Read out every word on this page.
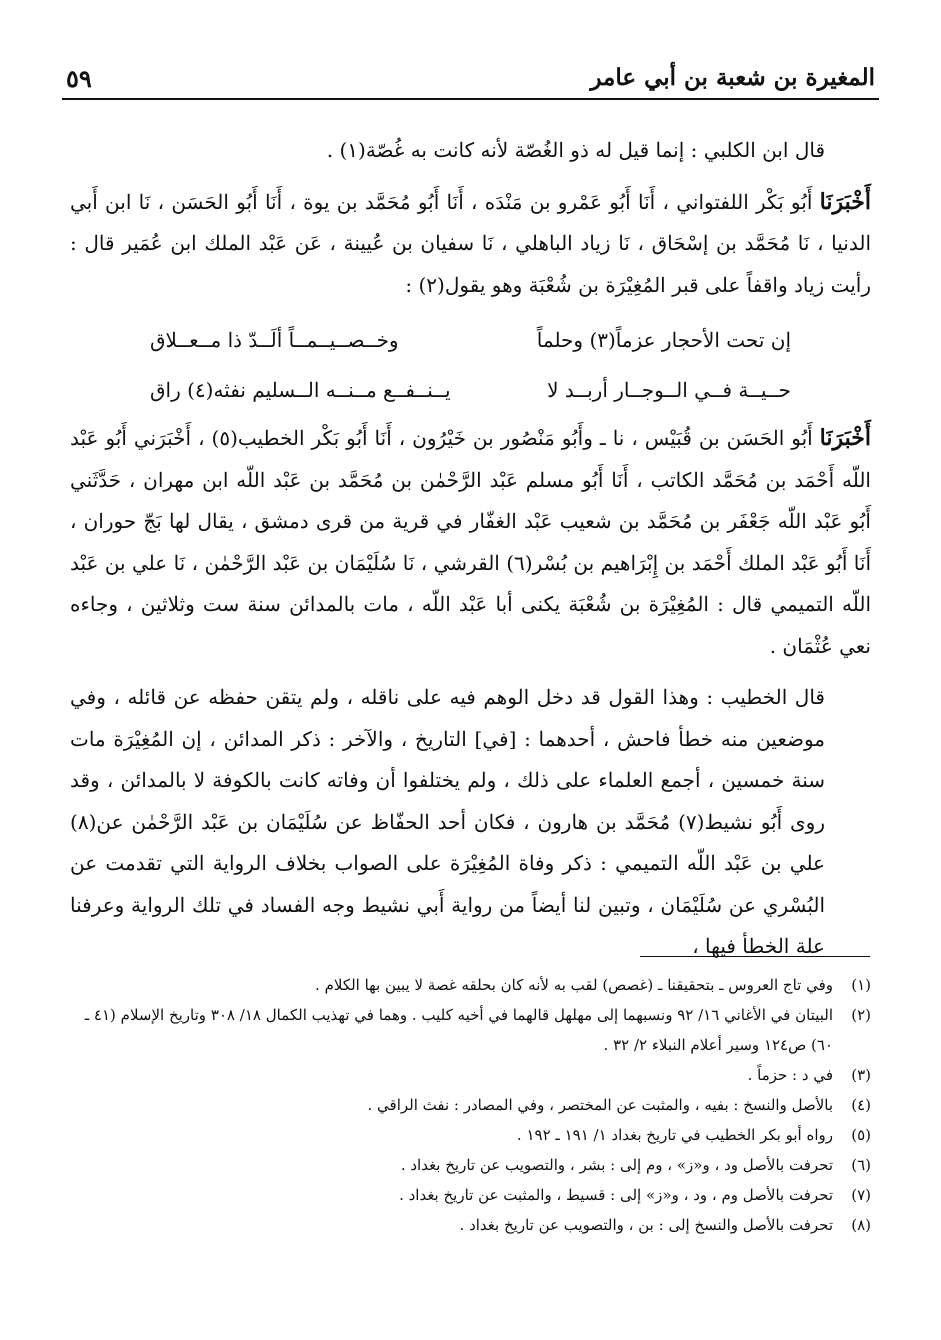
٥٩	المغيرة بن شعبة بن أبي عامر

قال ابن الكلبي : إنما قيل له ذو الغُصّة لأنه كانت به غُصّة(١) .

أَخْبَرَنَا أَبُو بَكْر اللفتواني ، أَنَا أَبُو عَمْرو بن مَنْدَه ، أَنَا أَبُو مُحَمَّد بن يوة ، أَنَا أَبُو الحَسَن ، نَا ابن أَبي الدنيا ، نَا مُحَمَّد بن إسْحَاق ، نَا زياد الباهلي ، نَا سفيان بن عُيينة ، عَن عَبْد الملك ابن عُمَير قال : رأيت زياد واقفاً على قبر المُغِيْرَة بن شُعْبَة وهو يقول(٢) :

إن تحت الأحجار عزماً(٣) وحلماً
وخــصــيــمــاً ألَــدّ ذا مــعــلاق
حــيــة فــي الــوجــار أربــد لا
يــنــفــع مــنــه الــسليم نفثه(٤) راق

أَخْبَرَنَا أَبُو الحَسَن بن قُبَيْس ، نا ـ وأَبُو مَنْصُور بن خَيْرُون ، أَنَا أَبُو بَكْر الخطيب(٥) ، أَخْبَرَني أَبُو عَبْد اللّه أَحْمَد بن مُحَمَّد الكاتب ، أَنَا أَبُو مسلم عَبْد الرَّحْمٰن بن مُحَمَّد بن عَبْد اللّه ابن مهران ، حَدَّثَني أَبُو عَبْد اللّه جَعْفَر بن مُحَمَّد بن شعيب عَبْد الغفّار في قرية من قرى دمشق ، يقال لها بَجّ حوران ، أَنَا أَبُو عَبْد الملك أَحْمَد بن إِبْرَاهيم بن بُسْر(٦) القرشي ، نَا سُلَيْمَان بن عَبْد الرَّحْمٰن ، نَا علي بن عَبْد اللّه التميمي قال : المُغِيْرَة بن شُعْبَة يكنى أبا عَبْد اللّه ، مات بالمدائن سنة ست وثلاثين ، وجاءه نعي عُثْمَان .

قال الخطيب : وهذا القول قد دخل الوهم فيه على ناقله ، ولم يتقن حفظه عن قائله ، وفي موضعين منه خطأ فاحش ، أحدهما : [في] التاريخ ، والآخر : ذكر المدائن ، إن المُغِيْرَة مات سنة خمسين ، أجمع العلماء على ذلك ، ولم يختلفوا أن وفاته كانت بالكوفة لا بالمدائن ، وقد روى أَبُو نشيط(٧) مُحَمَّد بن هارون ، فكان أحد الحفّاظ عن سُلَيْمَان بن عَبْد الرَّحْمٰن عن(٨) علي بن عَبْد اللّه التميمي : ذكر وفاة المُغِيْرَة على الصواب بخلاف الرواية التي تقدمت عن البُسْري عن سُلَيْمَان ، وتبين لنا أيضاً من رواية أَبي نشيط وجه الفساد في تلك الرواية وعرفنا علة الخطأ فيها ،

(١)
وفي تاج العروس ـ بتحقيقنا ـ (غصص) لقب به لأنه كان بحلقه غصة لا يبين بها الكلام .
(٢)
البيتان في الأغاني ١٦/ ٩٢ ونسبهما إلى مهلهل قالهما في أخيه كليب . وهما في تهذيب الكمال ١٨/ ٣٠٨ وتاريخ الإسلام (٤١ ـ ٦٠) ص١٢٤ وسير أعلام النبلاء ٢/ ٣٢ .
(٣)
في د : حزماً .
(٤)
بالأصل والنسخ : بفيه ، والمثبت عن المختصر ، وفي المصادر : نفث الراقي .
(٥)
رواه أبو بكر الخطيب في تاريخ بغداد ١/ ١٩١ ـ ١٩٢ .
(٦)
تحرفت بالأصل ود ، و«ز» ، وم إلى : بشر ، والتصويب عن تاريخ بغداد .
(٧)
تحرفت بالأصل وم ، ود ، و«ز» إلى : قسيط ، والمثبت عن تاريخ بغداد .
(٨)
تحرفت بالأصل والنسخ إلى : بن ، والتصويب عن تاريخ بغداد .
